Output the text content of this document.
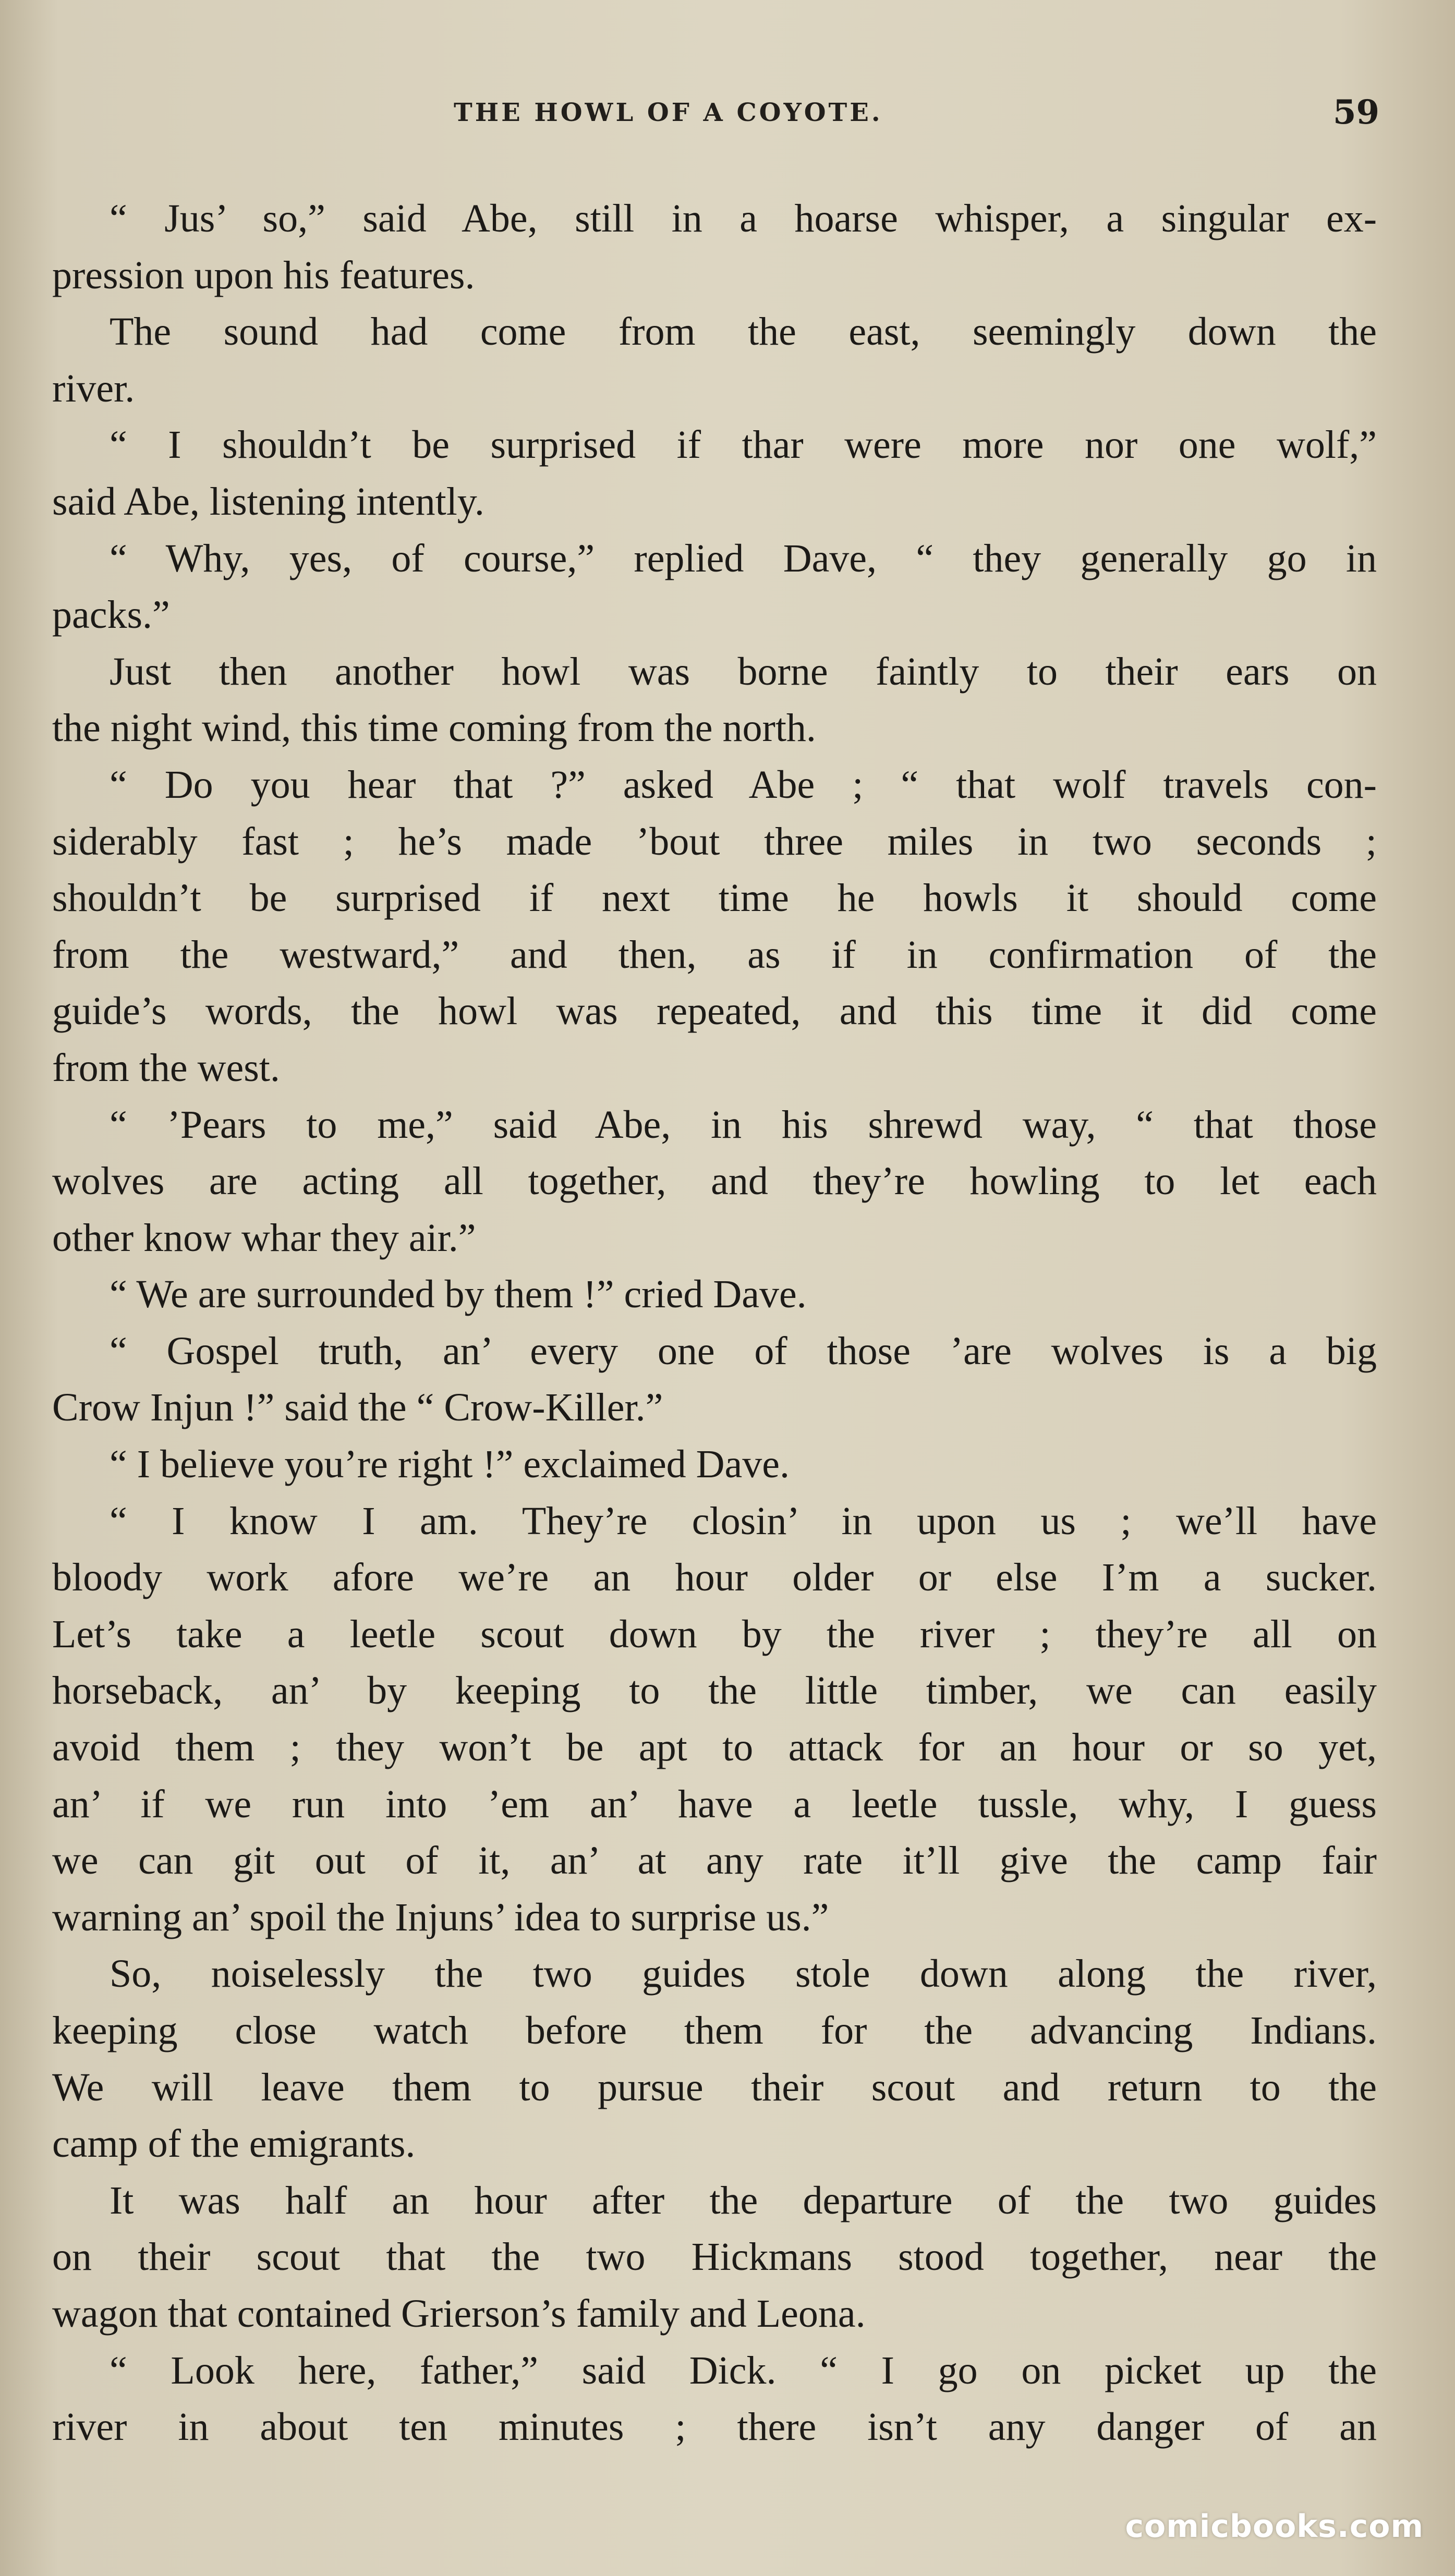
THE HOWL OF A COYOTE.	59
“ Jus’ so,” said Abe, still in a hoarse whisper, a singular ex-
pression upon his features.
The sound had come from the east, seemingly down the
river.
“ I shouldn’t be surprised if thar were more nor one wolf,”
said Abe, listening intently.
“ Why, yes, of course,” replied Dave, “ they generally go in
packs.”
Just then another howl was borne faintly to their ears on
the night wind, this time coming from the north.
“ Do you hear that ?” asked Abe ; “ that wolf travels con-
siderably fast ; he’s made ’bout three miles in two seconds ;
shouldn’t be surprised if next time he howls it should come
from the westward,” and then, as if in confirmation of the
guide’s words, the howl was repeated, and this time it did come
from the west.
“ ’Pears to me,” said Abe, in his shrewd way, “ that those
wolves are acting all together, and they’re howling to let each
other know whar they air.”
“ We are surrounded by them !” cried Dave.
“ Gospel truth, an’ every one of those ’are wolves is a big
Crow Injun !” said the “ Crow-Killer.”
“ I believe you’re right !” exclaimed Dave.
“ I know I am. They’re closin’ in upon us ; we’ll have
bloody work afore we’re an hour older or else I’m a sucker.
Let’s take a leetle scout down by the river ; they’re all on
horseback, an’ by keeping to the little timber, we can easily
avoid them ; they won’t be apt to attack for an hour or so yet,
an’ if we run into ’em an’ have a leetle tussle, why, I guess
we can git out of it, an’ at any rate it’ll give the camp fair
warning an’ spoil the Injuns’ idea to surprise us.”
So, noiselessly the two guides stole down along the river,
keeping close watch before them for the advancing Indians.
We will leave them to pursue their scout and return to the
camp of the emigrants.
It was half an hour after the departure of the two guides
on their scout that the two Hickmans stood together, near the
wagon that contained Grierson’s family and Leona.
“ Look here, father,” said Dick. “ I go on picket up the
river in about ten minutes ; there isn’t any danger of an
comicbooks.com
